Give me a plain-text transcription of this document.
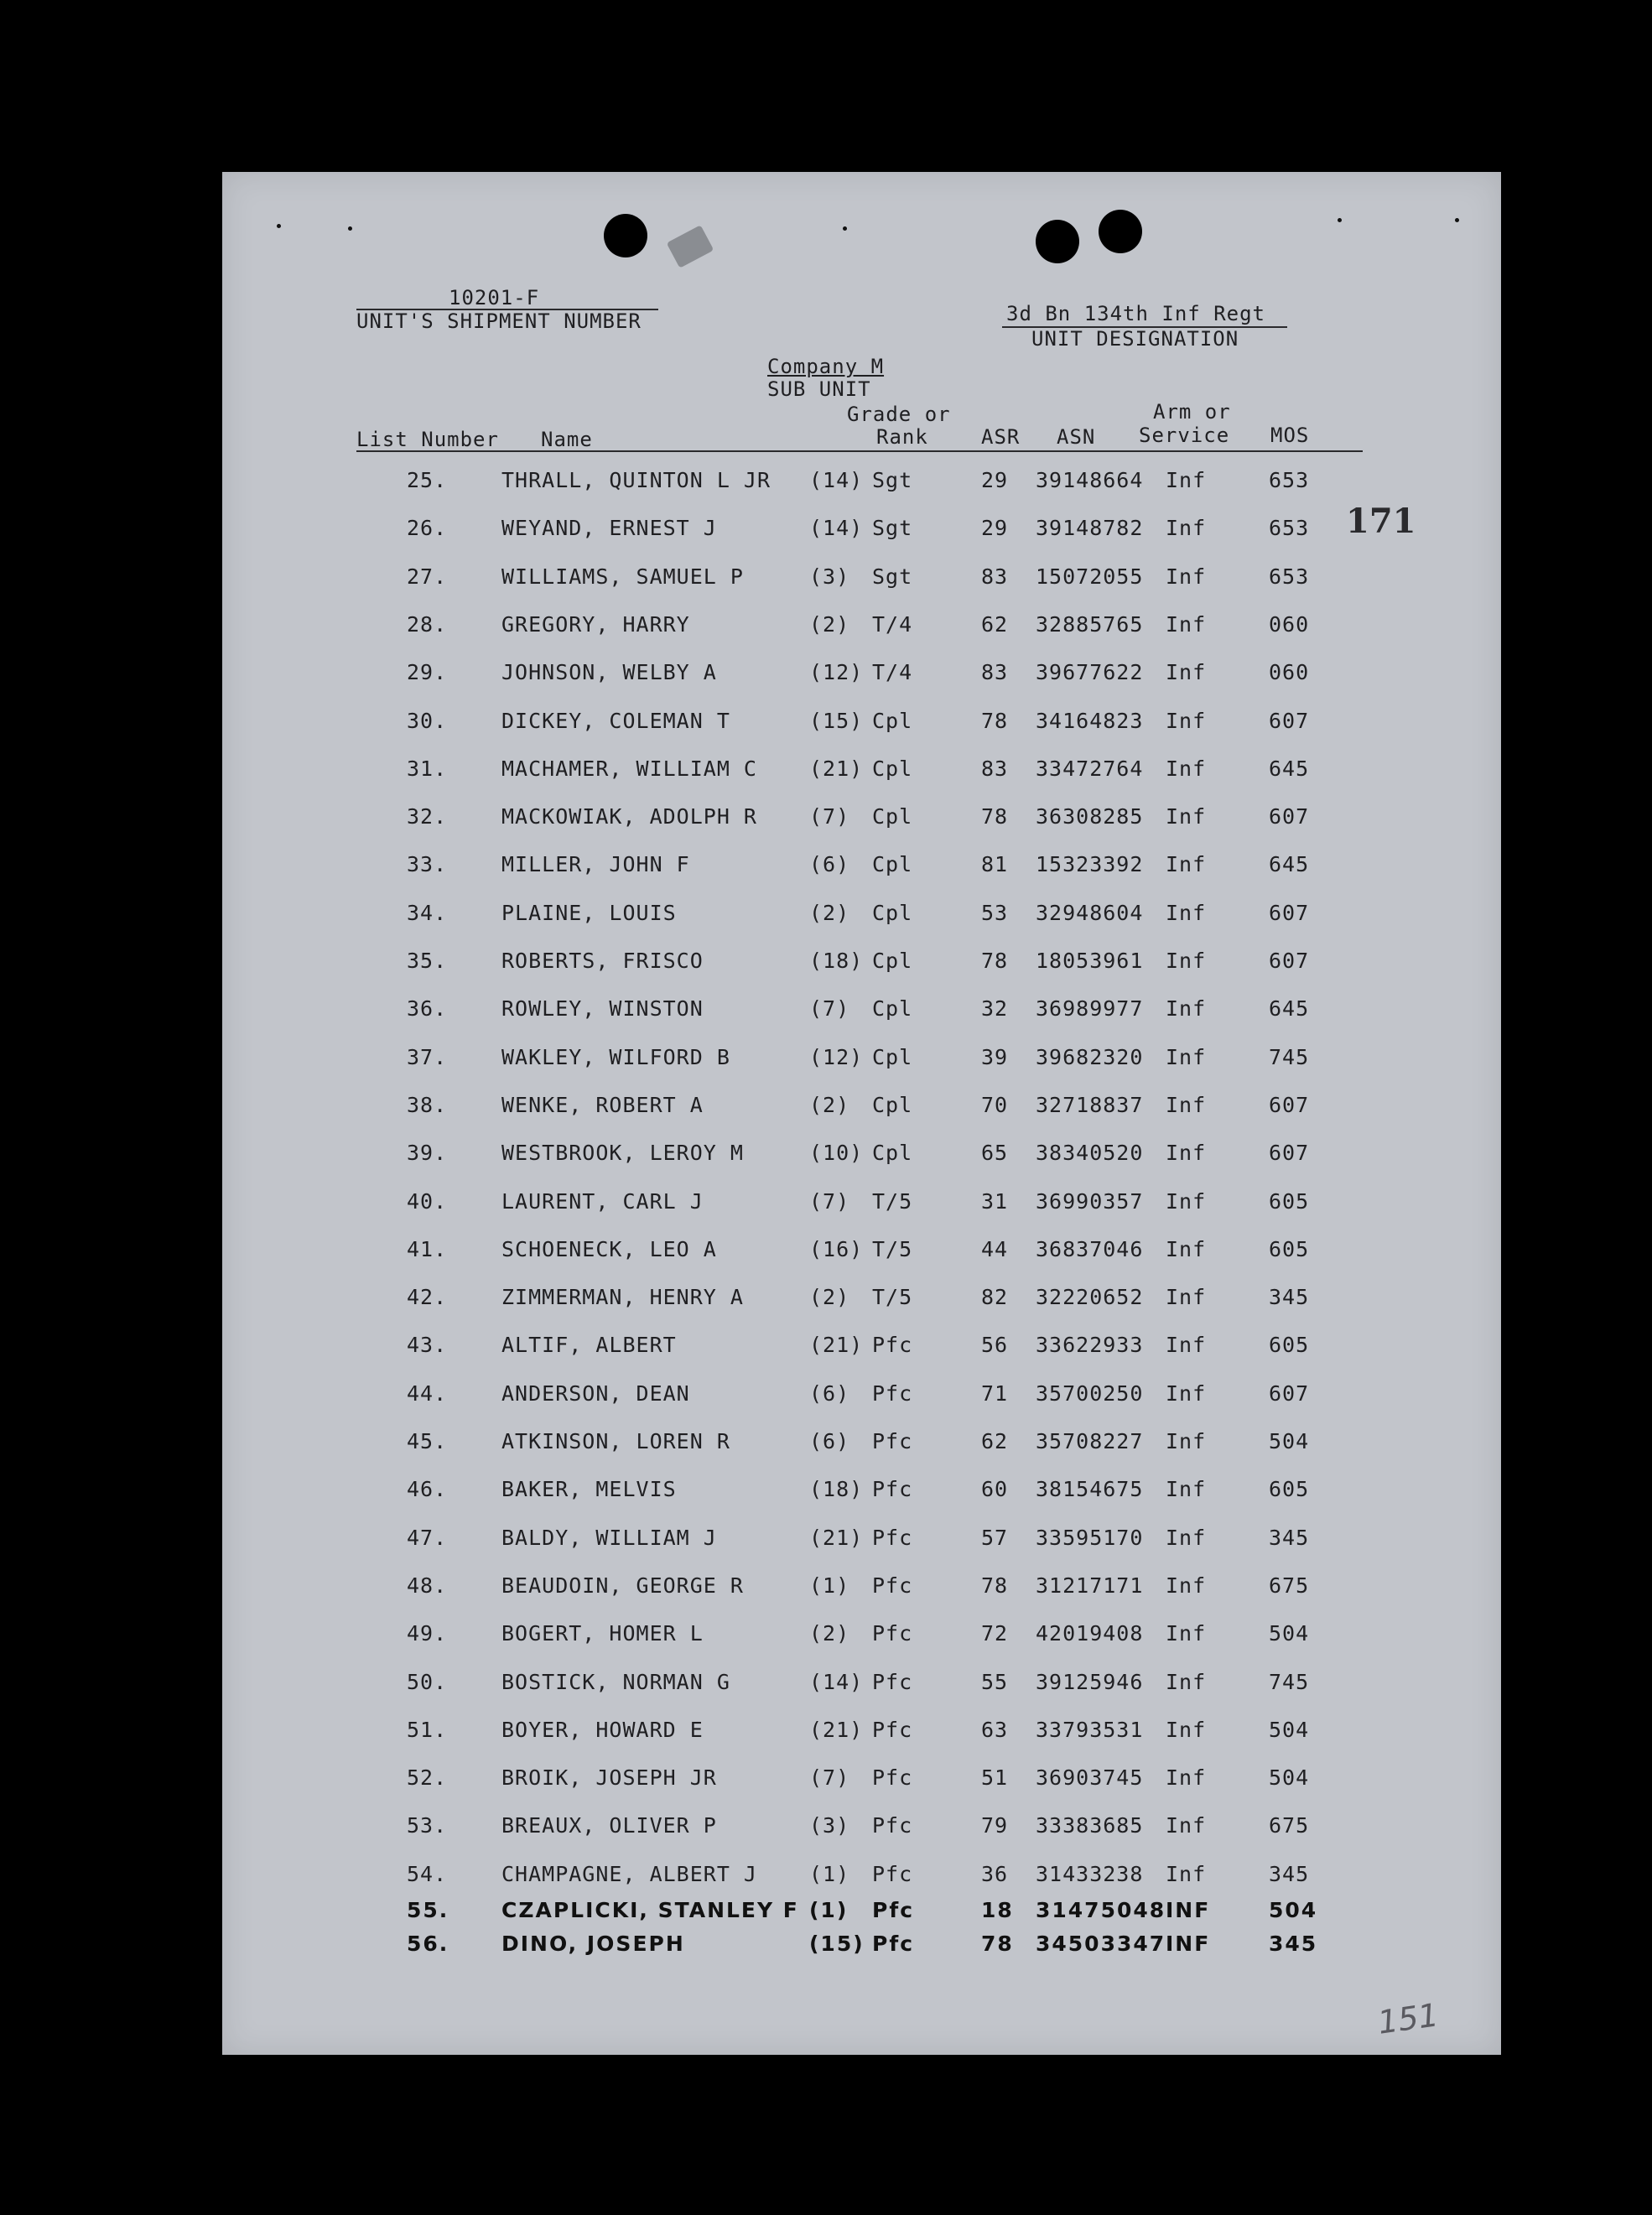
10201-F
UNIT'S SHIPMENT NUMBER	3d Bn 134th Inf Regt
UNIT DESIGNATION
Company M
SUB UNIT
Grade or	Arm or
List Number Name	Rank	ASR ASN Service MOS
25.	THRALL, QUINTON L JR (14) Sgt	29 39148664 Inf	653
26.	WEYAND, ERNEST J	(14) Sgt	29 39148782 Inf	653
27.	WILLIAMS, SAMUEL P	(3) Sgt	83 15072055 Inf	653
28.	GREGORY, HARRY	(2) T/4	62 32885765 Inf	060
29.	JOHNSON, WELBY A	(12) T/4	83 39677622 Inf	060
30.	DICKEY, COLEMAN T	(15) Cpl	78 34164823 Inf	607
31.	MACHAMER, WILLIAM C (21) Cpl	83 33472764 Inf	645
32.	MACKOWIAK, ADOLPH R (7) Cpl	78 36308285 Inf	607
33.	MILLER, JOHN F	(6) Cpl	81 15323392 Inf	645
34.	PLAINE, LOUIS	(2) Cpl	53 32948604 Inf	607
35.	ROBERTS, FRISCO	(18) Cpl	78 18053961 Inf	607
36.	ROWLEY, WINSTON	(7) Cpl	32 36989977 Inf	645
37.	WAKLEY, WILFORD B	(12) Cpl	39 39682320 Inf	745
38.	WENKE, ROBERT A	(2) Cpl	70 32718837 Inf	607
39.	WESTBROOK, LEROY M	(10) Cpl	65 38340520 Inf	607
40.	LAURENT, CARL J	(7) T/5	31 36990357 Inf	605
41.	SCHOENECK, LEO A	(16) T/5	44 36837046 Inf	605
42.	ZIMMERMAN, HENRY A	(2) T/5	82 32220652 Inf	345
43.	ALTIF, ALBERT	(21) Pfc	56 33622933 Inf	605
44.	ANDERSON, DEAN	(6) Pfc	71 35700250 Inf	607
45.	ATKINSON, LOREN R	(6) Pfc	62 35708227 Inf	504
46.	BAKER, MELVIS	(18) Pfc	60 38154675 Inf	605
47.	BALDY, WILLIAM J	(21) Pfc	57 33595170 Inf	345
48.	BEAUDOIN, GEORGE R	(1) Pfc	78 31217171 Inf	675
49.	BOGERT, HOMER L	(2) Pfc	72 42019408 Inf	504
50.	BOSTICK, NORMAN G	(14) Pfc	55 39125946 Inf	745
51.	BOYER, HOWARD E	(21) Pfc	63 33793531 Inf	504
52.	BROIK, JOSEPH JR	(7) Pfc	51 36903745 Inf	504
53.	BREAUX, OLIVER P	(3) Pfc	79 33383685 Inf	675
54.	CHAMPAGNE, ALBERT J (1) Pfc	36 31433238 Inf	345
55.	CZAPLICKI, STANLEY F (1) Pfc	18 31475048 INF	504
56.	DINO, JOSEPH	(15) Pfc	78 34503347 INF	345
171
151
